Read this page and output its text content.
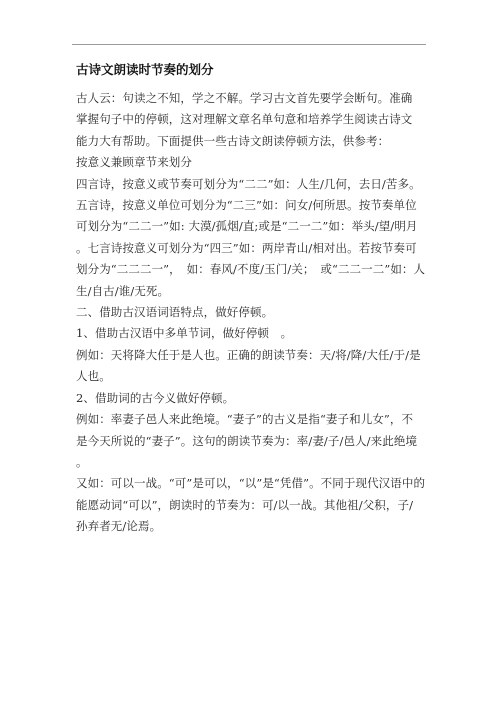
古诗文朗读时节奏的划分
古人云：句读之不知，学之不解。学习古文首先要学会断句。准确
掌握句子中的停顿，这对理解文章名单句意和培养学生阅读古诗文
能力大有帮助。下面提供一些古诗文朗读停顿方法，供参考：
按意义兼顾章节来划分
四言诗，按意义或节奏可划分为“二二”如：人生/几何，去日/苦多。
五言诗，按意义单位可划分为“二三”如：问女/何所思。按节奏单位
可划分为“二二一”如: 大漠/孤烟/直;或是“二一二”如：举头/望/明月
。七言诗按意义可划分为“四三”如：两岸青山/相对出。若按节奏可
划分为“二二二一”，　如：春风/不度/玉门/关；　或“二二一二”如：人
生/自古/谁/无死。
二、借助古汉语词语特点，做好停顿。
1、借助古汉语中多单节词，做好停顿　。
例如：天将降大任于是人也。正确的朗读节奏：天/将/降/大任/于/是
人也。
2、借助词的古今义做好停顿。
例如：率妻子邑人来此绝境。“妻子”的古义是指“妻子和儿女”，不
是今天所说的“妻子”。这句的朗读节奏为：率/妻/子/邑人/来此绝境
。
又如：可以一战。“可”是可以，“以”是“凭借”。不同于现代汉语中的
能愿动词“可以”，朗读时的节奏为：可/以一战。其他祖/父积，子/
孙弃者无/论焉。
